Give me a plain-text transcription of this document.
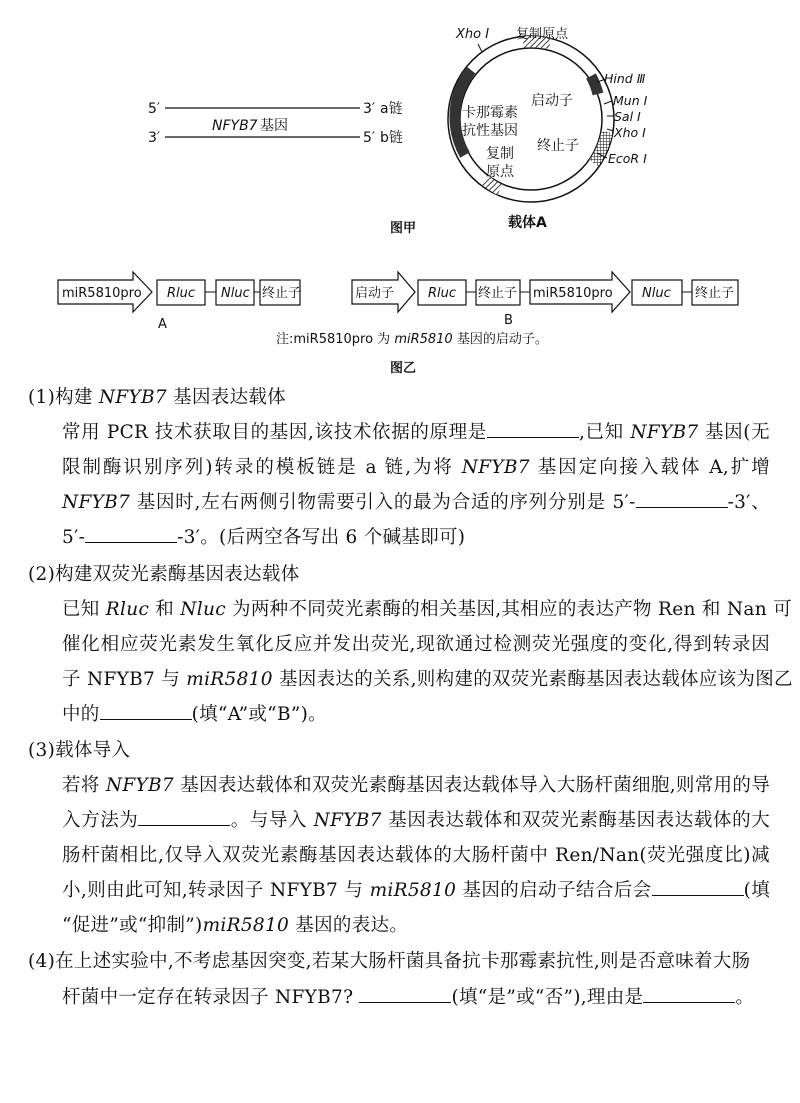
5′	3′ a链
NFYB7 基因
3′	5′ b链
Xho Ⅰ 复制原点
Hind Ⅲ
Mun Ⅰ
Sal Ⅰ
Xho Ⅰ
EcoR Ⅰ
启动子
终止子
卡那霉素
抗性基因
复制
原点
载体A
图甲
miR5810pro Rluc Nluc 终止子
A
启动子	Rluc 终止子 miR5810pro Nluc 终止子
B
注:miR5810pro 为 miR5810 基因的启动子。
图乙
(1)构建 NFYB7 基因表达载体
常用 PCR 技术获取目的基因,该技术依据的原理是	,已知 NFYB7 基因(无
限制酶识别序列)转录的模板链是 a 链,为将 NFYB7 基因定向接入载体 A,扩增
NFYB7 基因时,左右两侧引物需要引入的最为合适的序列分别是 5′-	-3′、
5′-	-3′。(后两空各写出 6 个碱基即可)
(2)构建双荧光素酶基因表达载体
已知 Rluc 和 Nluc 为两种不同荧光素酶的相关基因,其相应的表达产物 Ren 和 Nan 可
催化相应荧光素发生氧化反应并发出荧光,现欲通过检测荧光强度的变化,得到转录因
子 NFYB7 与 miR5810 基因表达的关系,则构建的双荧光素酶基因表达载体应该为图乙
中的	(填“A”或“B”)。
(3)载体导入
若将 NFYB7 基因表达载体和双荧光素酶基因表达载体导入大肠杆菌细胞,则常用的导
入方法为	。与导入 NFYB7 基因表达载体和双荧光素酶基因表达载体的大
肠杆菌相比,仅导入双荧光素酶基因表达载体的大肠杆菌中 Ren/Nan(荧光强度比)减
小,则由此可知,转录因子 NFYB7 与 miR5810 基因的启动子结合后会	(填
“促进”或“抑制”)miR5810 基因的表达。
(4)在上述实验中,不考虑基因突变,若某大肠杆菌具备抗卡那霉素抗性,则是否意味着大肠
杆菌中一定存在转录因子 NFYB7?	(填“是”或“否”),理由是	。
